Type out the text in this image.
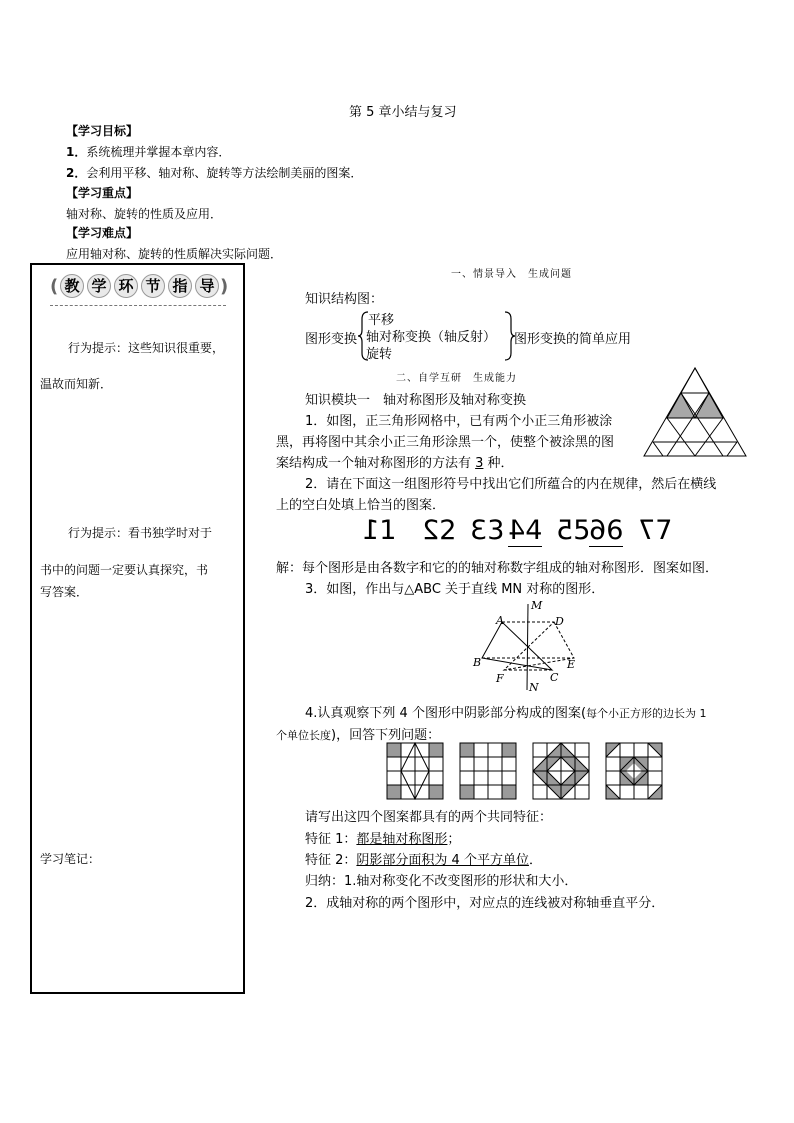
第 5 章小结与复习
【学习目标】
1．系统梳理并掌握本章内容．
2．会利用平移、轴对称、旋转等方法绘制美丽的图案．
【学习重点】
轴对称、旋转的性质及应用．
【学习难点】
应用轴对称、旋转的性质解决实际问题．
( 教 学 环 节 指 导 )
行为提示：这些知识很重要，
温故而知新．
行为提示：看书独学时对于
书中的问题一定要认真探究，书
写答案．
学习笔记：
一、情景导入　生成问题
知识结构图：
图形变换
平移
轴对称变换（轴反射）
旋转
图形变换的简单应用
二、自学互研　生成能力
知识模块一　轴对称图形及轴对称变换
1．如图，正三角形网格中，已有两个小正三角形被涂
黑，再将图中其余小正三角形涂黑一个，使整个被涂黑的图
案结构成一个轴对称图形的方法有 3 种．
2．请在下面这一组图形符号中找出它们所蕴合的内在规律，然后在横线
上的空白处填上恰当的图案．
11 22 33 44 55
66 77
解：每个图形是由各数字和它的的轴对称数字组成的轴对称图形．图案如图．
3．如图，作出与△ABC 关于直线 MN 对称的图形．
M
A	D
B	E
C
F
N
4.认真观察下列 4 个图形中阴影部分构成的图案(每个小正方形的边长为 1
个单位长度)，回答下列问题：
请写出这四个图案都具有的两个共同特征：
特征 1：都是轴对称图形；
特征 2：阴影部分面积为 4 个平方单位．
归纳：1.轴对称变化不改变图形的形状和大小．
2．成轴对称的两个图形中，对应点的连线被对称轴垂直平分．
